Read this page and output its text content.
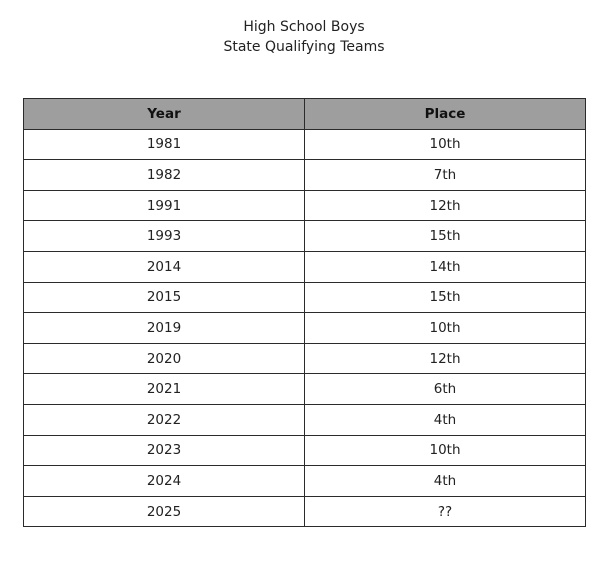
High School Boys
State Qualifying Teams
Year	Place
1981	10th
1982	7th
1991	12th
1993	15th
2014	14th
2015	15th
2019	10th
2020	12th
2021	6th
2022	4th
2023	10th
2024	4th
2025	??
